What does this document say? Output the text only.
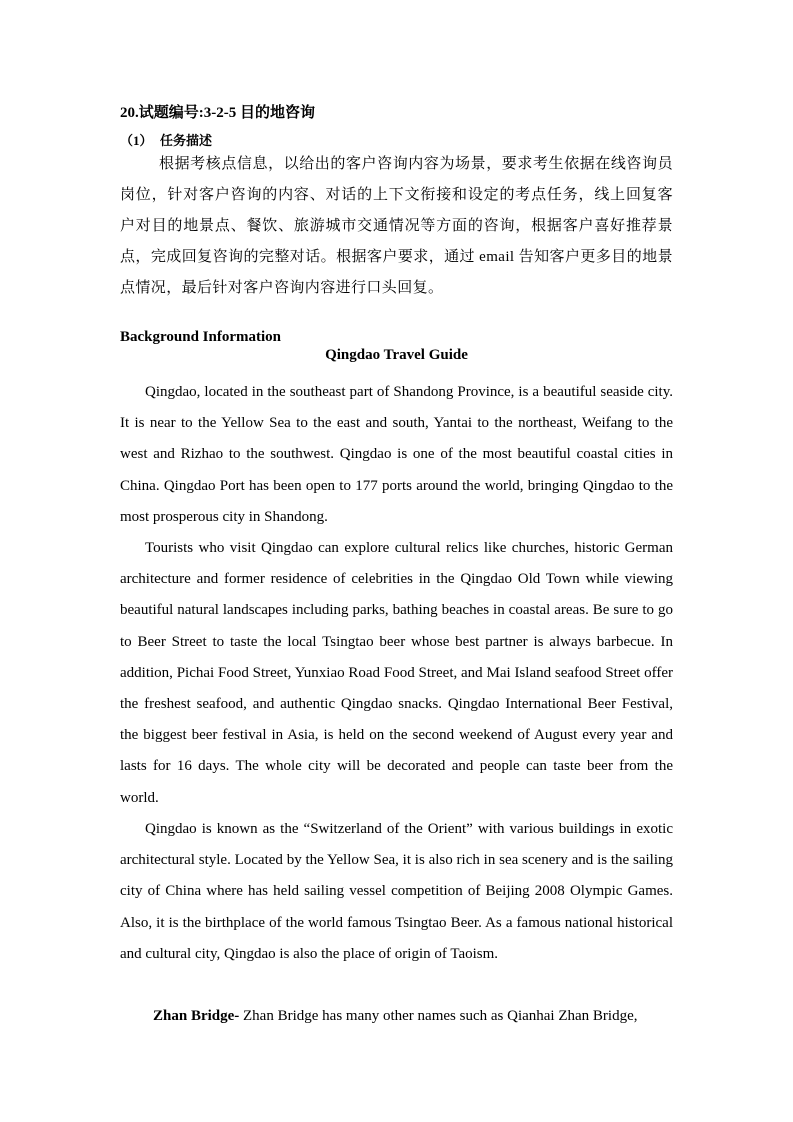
20.试题编号:3-2-5 目的地咨询
（1） 任务描述
根据考核点信息，以给出的客户咨询内容为场景，要求考生依据在线咨询员岗位，针对客户咨询的内容、对话的上下文衔接和设定的考点任务，线上回复客户对目的地景点、餐饮、旅游城市交通情况等方面的咨询，根据客户喜好推荐景点，完成回复咨询的完整对话。根据客户要求，通过 email 告知客户更多目的地景点情况，最后针对客户咨询内容进行口头回复。
Background Information
Qingdao Travel Guide

Qingdao, located in the southeast part of Shandong Province, is a beautiful seaside city. It is near to the Yellow Sea to the east and south, Yantai to the northeast, Weifang to the west and Rizhao to the southwest. Qingdao is one of the most beautiful coastal cities in China. Qingdao Port has been open to 177 ports around the world, bringing Qingdao to the most prosperous city in Shandong.

Tourists who visit Qingdao can explore cultural relics like churches, historic German architecture and former residence of celebrities in the Qingdao Old Town while viewing beautiful natural landscapes including parks, bathing beaches in coastal areas. Be sure to go to Beer Street to taste the local Tsingtao beer whose best partner is always barbecue. In addition, Pichai Food Street, Yunxiao Road Food Street, and Mai Island seafood Street offer the freshest seafood, and authentic Qingdao snacks. Qingdao International Beer Festival, the biggest beer festival in Asia, is held on the second weekend of August every year and lasts for 16 days. The whole city will be decorated and people can taste beer from the world.

Qingdao is known as the “Switzerland of the Orient” with various buildings in exotic architectural style. Located by the Yellow Sea, it is also rich in sea scenery and is the sailing city of China where has held sailing vessel competition of Beijing 2008 Olympic Games. Also, it is the birthplace of the world famous Tsingtao Beer. As a famous national historical and cultural city, Qingdao is also the place of origin of Taoism.

Zhan Bridge- Zhan Bridge has many other names such as Qianhai Zhan Bridge,
